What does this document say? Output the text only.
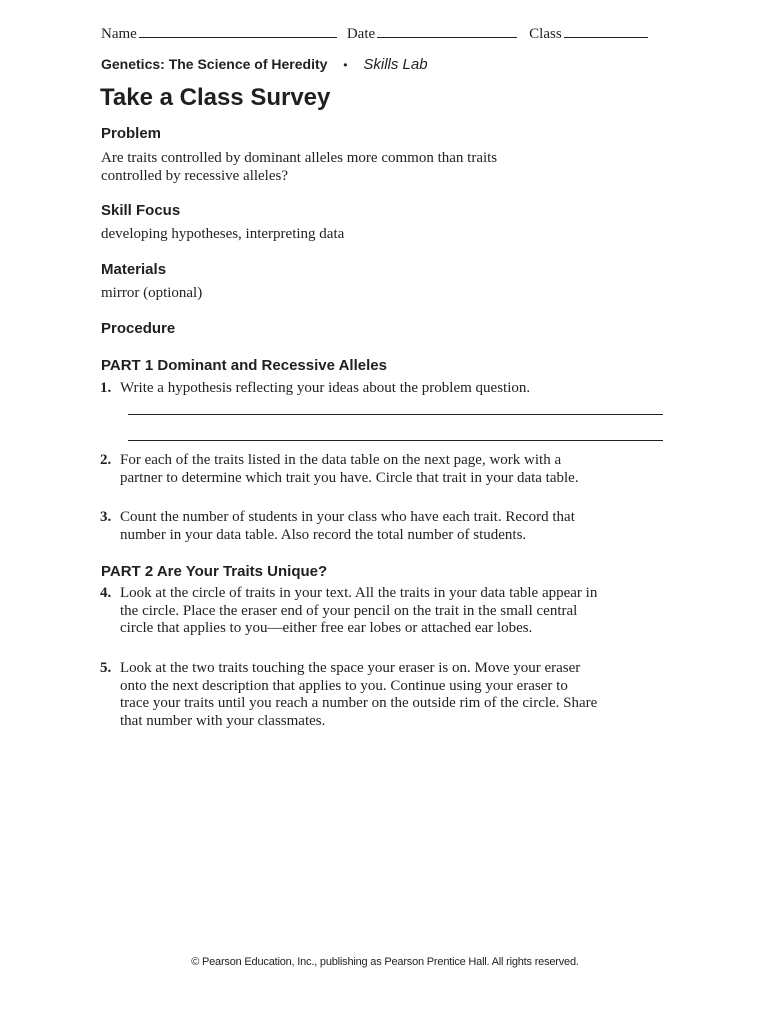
Name	Date	Class
Genetics: The Science of Heredity • Skills Lab
Take a Class Survey
Problem

Are traits controlled by dominant alleles more common than traits controlled by recessive alleles?

Skill Focus

developing hypotheses, interpreting data

Materials

mirror (optional)

Procedure
PART 1 Dominant and Recessive Alleles
1. Write a hypothesis reflecting your ideas about the problem question.
2. For each of the traits listed in the data table on the next page, work with a partner to determine which trait you have. Circle that trait in your data table.
3. Count the number of students in your class who have each trait. Record that number in your data table. Also record the total number of students.
PART 2 Are Your Traits Unique?
4. Look at the circle of traits in your text. All the traits in your data table appear in the circle. Place the eraser end of your pencil on the trait in the small central circle that applies to you—either free ear lobes or attached ear lobes.
5. Look at the two traits touching the space your eraser is on. Move your eraser onto the next description that applies to you. Continue using your eraser to trace your traits until you reach a number on the outside rim of the circle. Share that number with your classmates.
© Pearson Education, Inc., publishing as Pearson Prentice Hall. All rights reserved.
